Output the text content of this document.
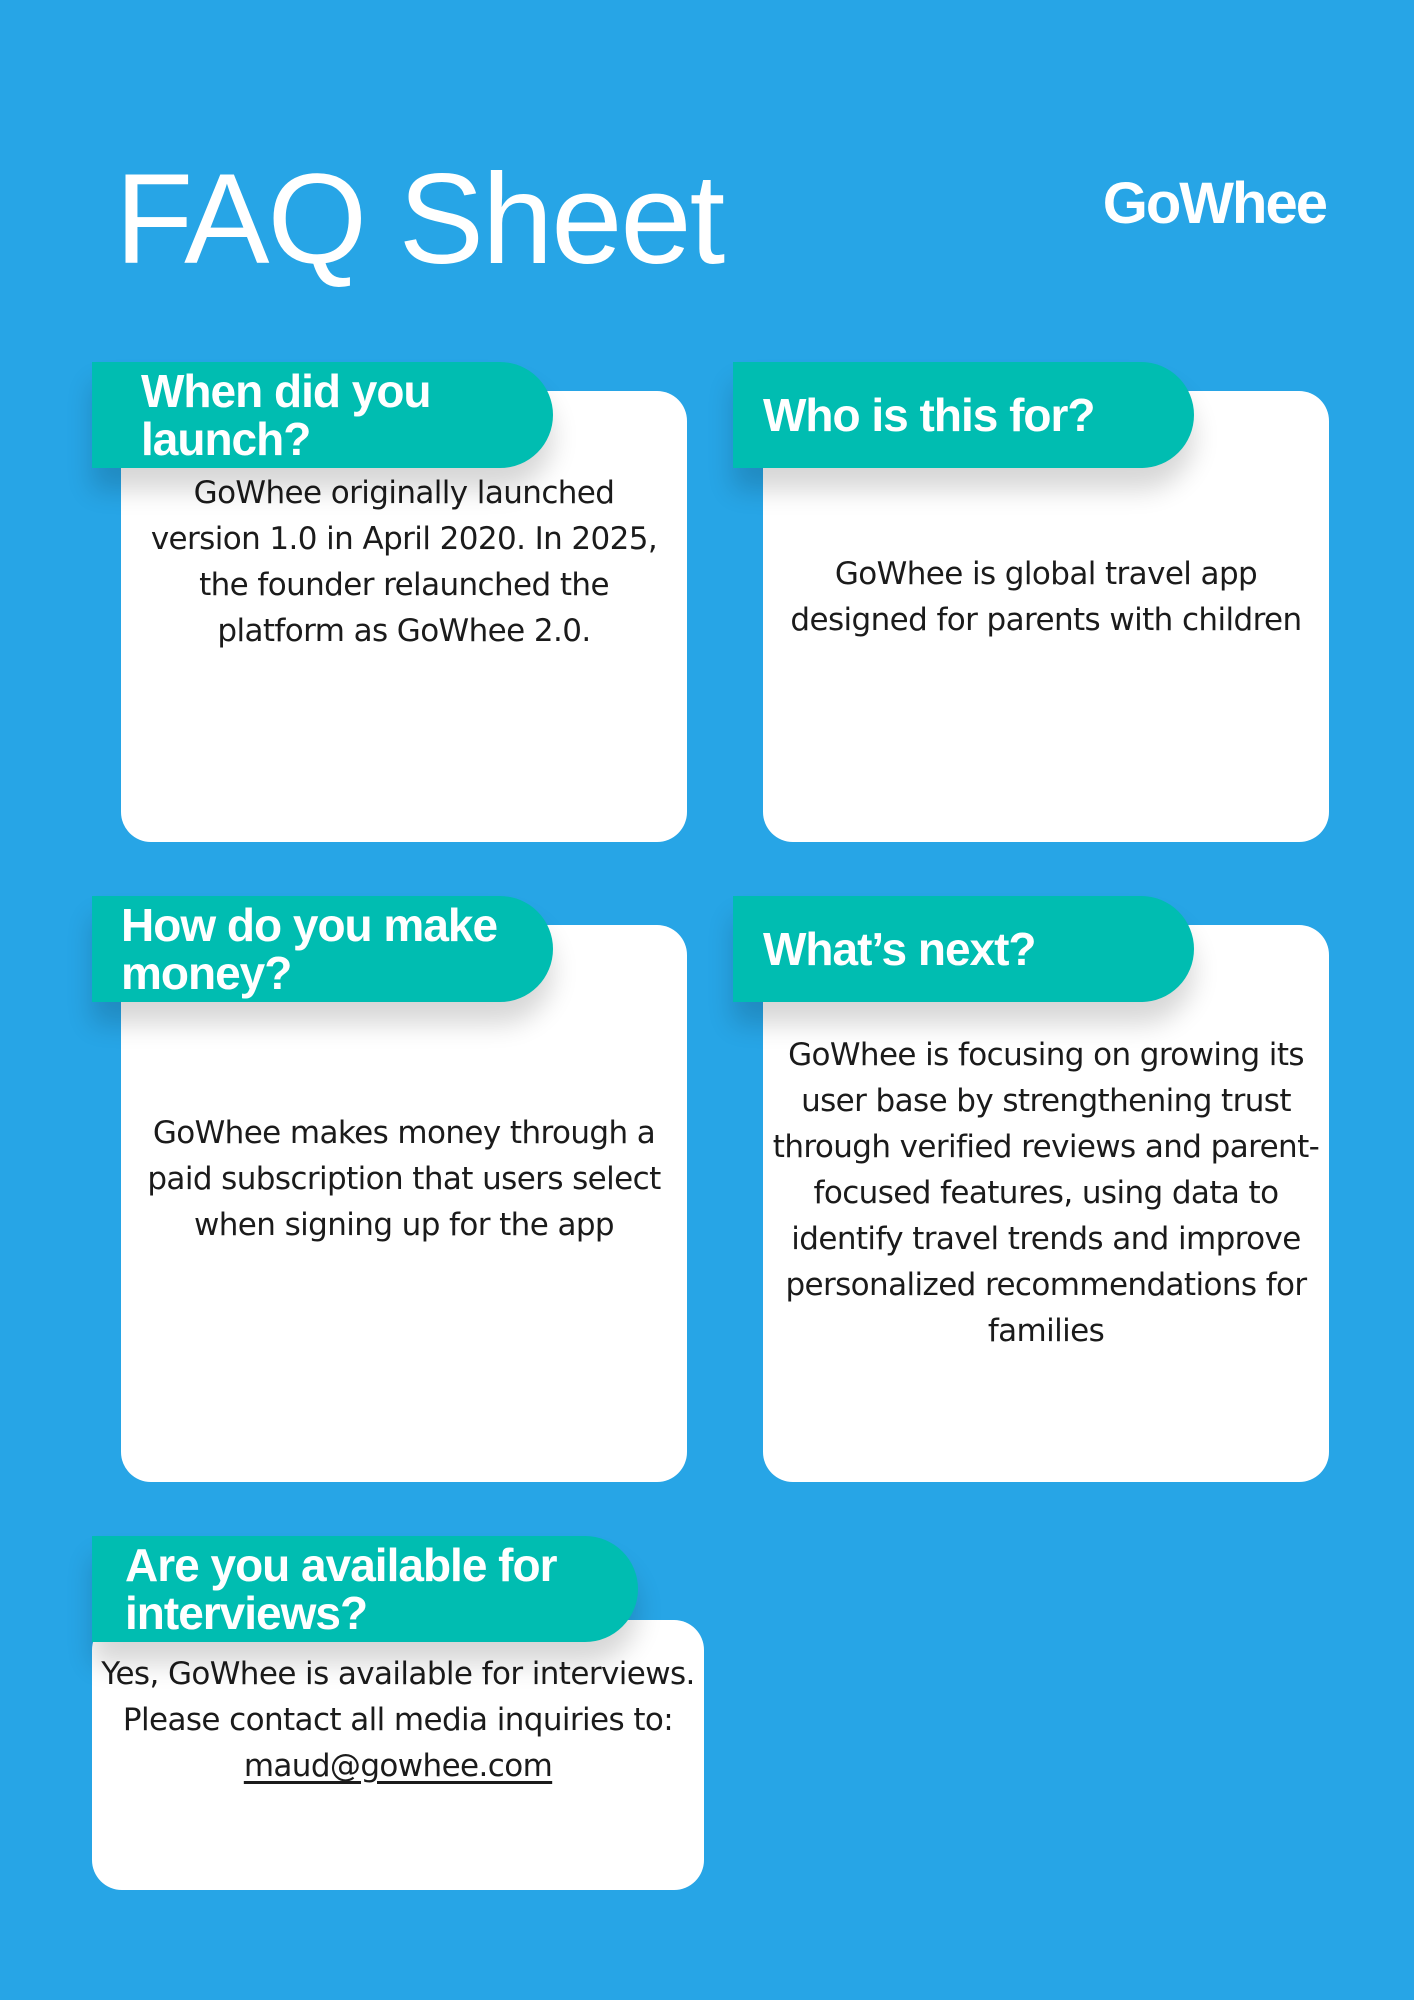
FAQ Sheet	GoWhee

GoWhee originally launched version 1.0 in April 2020. In 2025, the founder relaunched the platform as GoWhee 2.0.

When did you
launch?

GoWhee is global travel app designed for parents with children

Who is this for?

GoWhee makes money through a paid subscription that users select when signing up for the app

How do you make
money?

GoWhee is focusing on growing its user base by strengthening trust through verified reviews and parent-focused features, using data to identify travel trends and improve personalized recommendations for families

What’s next?

Yes, GoWhee is available for interviews. Please contact all media inquiries to: maud@gowhee.com

Are you available for
interviews?
